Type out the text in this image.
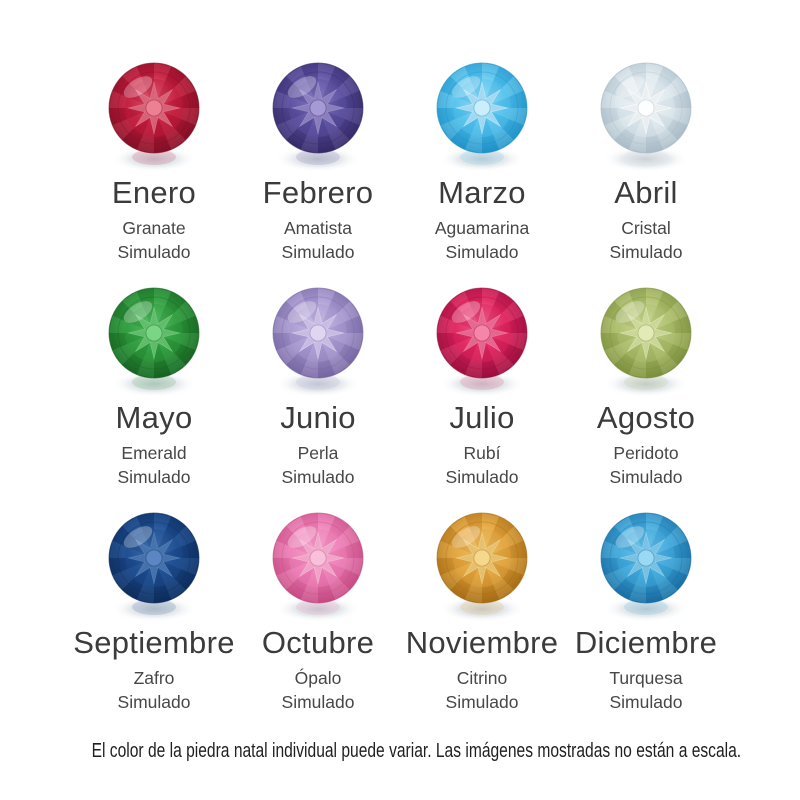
Enero
Granate
Simulado
Febrero
Amatista
Simulado
Marzo
Aguamarina
Simulado
Abril
Cristal
Simulado
Mayo
Emerald
Simulado
Junio
Perla
Simulado
Julio
Rubí
Simulado
Agosto
Peridoto
Simulado
Septiembre
Zafro
Simulado
Octubre
Ópalo
Simulado
Noviembre
Citrino
Simulado
Diciembre
Turquesa
Simulado

El color de la piedra natal individual puede variar. Las imágenes mostradas no están a escala.
